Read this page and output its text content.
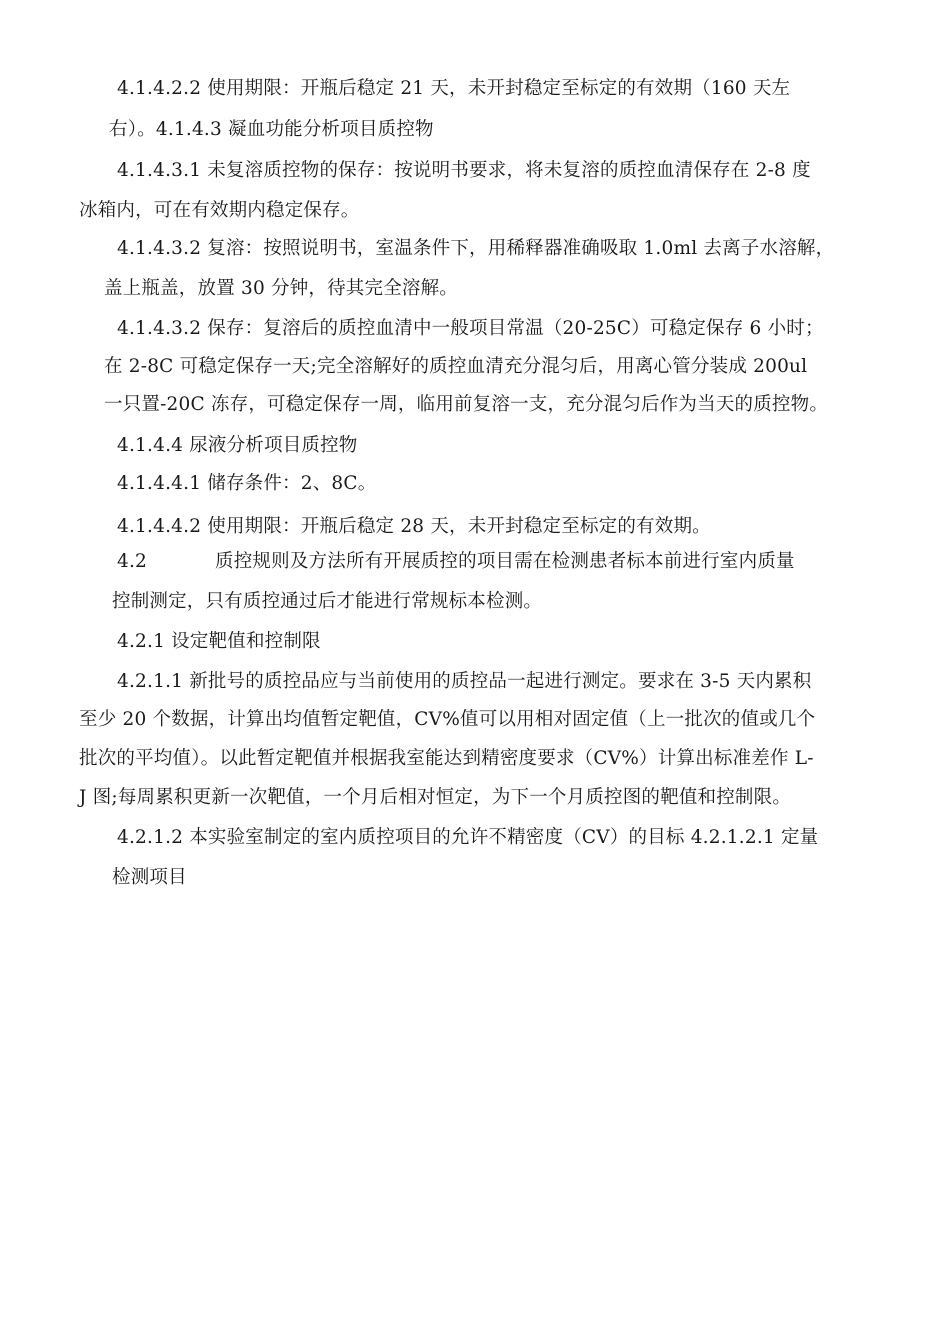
4.1.4.2.2 使用期限：开瓶后稳定 21 天，未开封稳定至标定的有效期（160 天左
右）。4.1.4.3 凝血功能分析项目质控物
4.1.4.3.1 未复溶质控物的保存：按说明书要求，将未复溶的质控血清保存在 2-8 度
冰箱内，可在有效期内稳定保存。
4.1.4.3.2 复溶：按照说明书，室温条件下，用稀释器准确吸取 1.0ml 去离子水溶解，
盖上瓶盖，放置 30 分钟，待其完全溶解。
4.1.4.3.2 保存：复溶后的质控血清中一般项目常温（20-25C）可稳定保存 6 小时；
在 2-8C 可稳定保存一天;完全溶解好的质控血清充分混匀后，用离心管分装成 200ul
一只置-20C 冻存，可稳定保存一周，临用前复溶一支，充分混匀后作为当天的质控物。
4.1.4.4 尿液分析项目质控物
4.1.4.4.1 储存条件：2、8C。
4.1.4.4.2 使用期限：开瓶后稳定 28 天，未开封稳定至标定的有效期。
4.2	质控规则及方法所有开展质控的项目需在检测患者标本前进行室内质量
控制测定，只有质控通过后才能进行常规标本检测。
4.2.1 设定靶值和控制限
4.2.1.1 新批号的质控品应与当前使用的质控品一起进行测定。要求在 3-5 天内累积
至少 20 个数据，计算出均值暂定靶值，CV%值可以用相对固定值（上一批次的值或几个
批次的平均值）。以此暂定靶值并根据我室能达到精密度要求（CV%）计算出标准差作 L-
J 图;每周累积更新一次靶值，一个月后相对恒定，为下一个月质控图的靶值和控制限。
4.2.1.2 本实验室制定的室内质控项目的允许不精密度（CV）的目标 4.2.1.2.1 定量
检测项目
